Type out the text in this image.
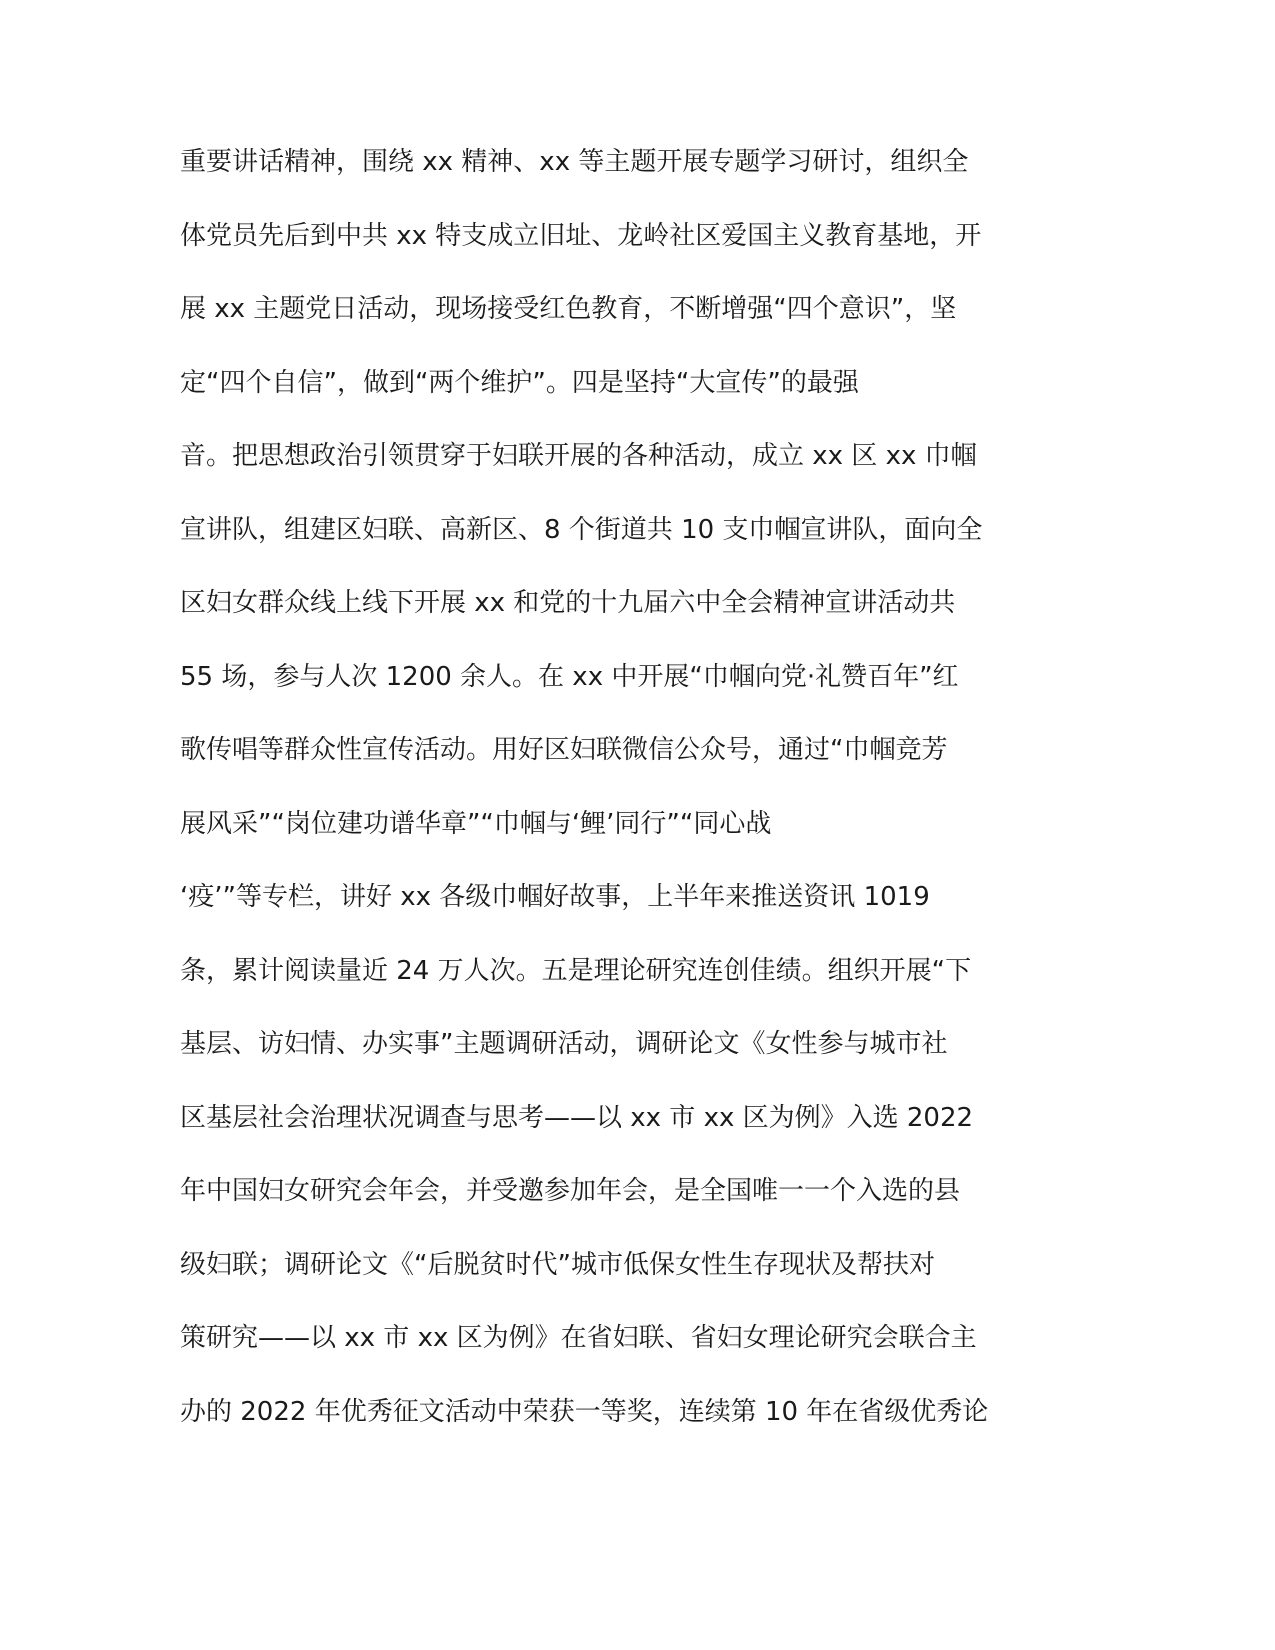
重要讲话精神，围绕 xx 精神、xx 等主题开展专题学习研讨，组织全
体党员先后到中共 xx 特支成立旧址、龙岭社区爱国主义教育基地，开
展 xx 主题党日活动，现场接受红色教育，不断增强“四个意识”，坚
定“四个自信”，做到“两个维护”。四是坚持“大宣传”的最强
音。把思想政治引领贯穿于妇联开展的各种活动，成立 xx 区 xx 巾帼
宣讲队，组建区妇联、高新区、8 个街道共 10 支巾帼宣讲队，面向全
区妇女群众线上线下开展 xx 和党的十九届六中全会精神宣讲活动共
55 场，参与人次 1200 余人。在 xx 中开展“巾帼向党·礼赞百年”红
歌传唱等群众性宣传活动。用好区妇联微信公众号，通过“巾帼竞芳
展风采”“岗位建功谱华章”“巾帼与‘鲤’同行”“同心战
‘疫’”等专栏，讲好 xx 各级巾帼好故事，上半年来推送资讯 1019
条，累计阅读量近 24 万人次。五是理论研究连创佳绩。组织开展“下
基层、访妇情、办实事”主题调研活动，调研论文《女性参与城市社
区基层社会治理状况调查与思考——以 xx 市 xx 区为例》入选 2022
年中国妇女研究会年会，并受邀参加年会，是全国唯一一个入选的县
级妇联；调研论文《“后脱贫时代”城市低保女性生存现状及帮扶对
策研究——以 xx 市 xx 区为例》在省妇联、省妇女理论研究会联合主
办的 2022 年优秀征文活动中荣获一等奖，连续第 10 年在省级优秀论
